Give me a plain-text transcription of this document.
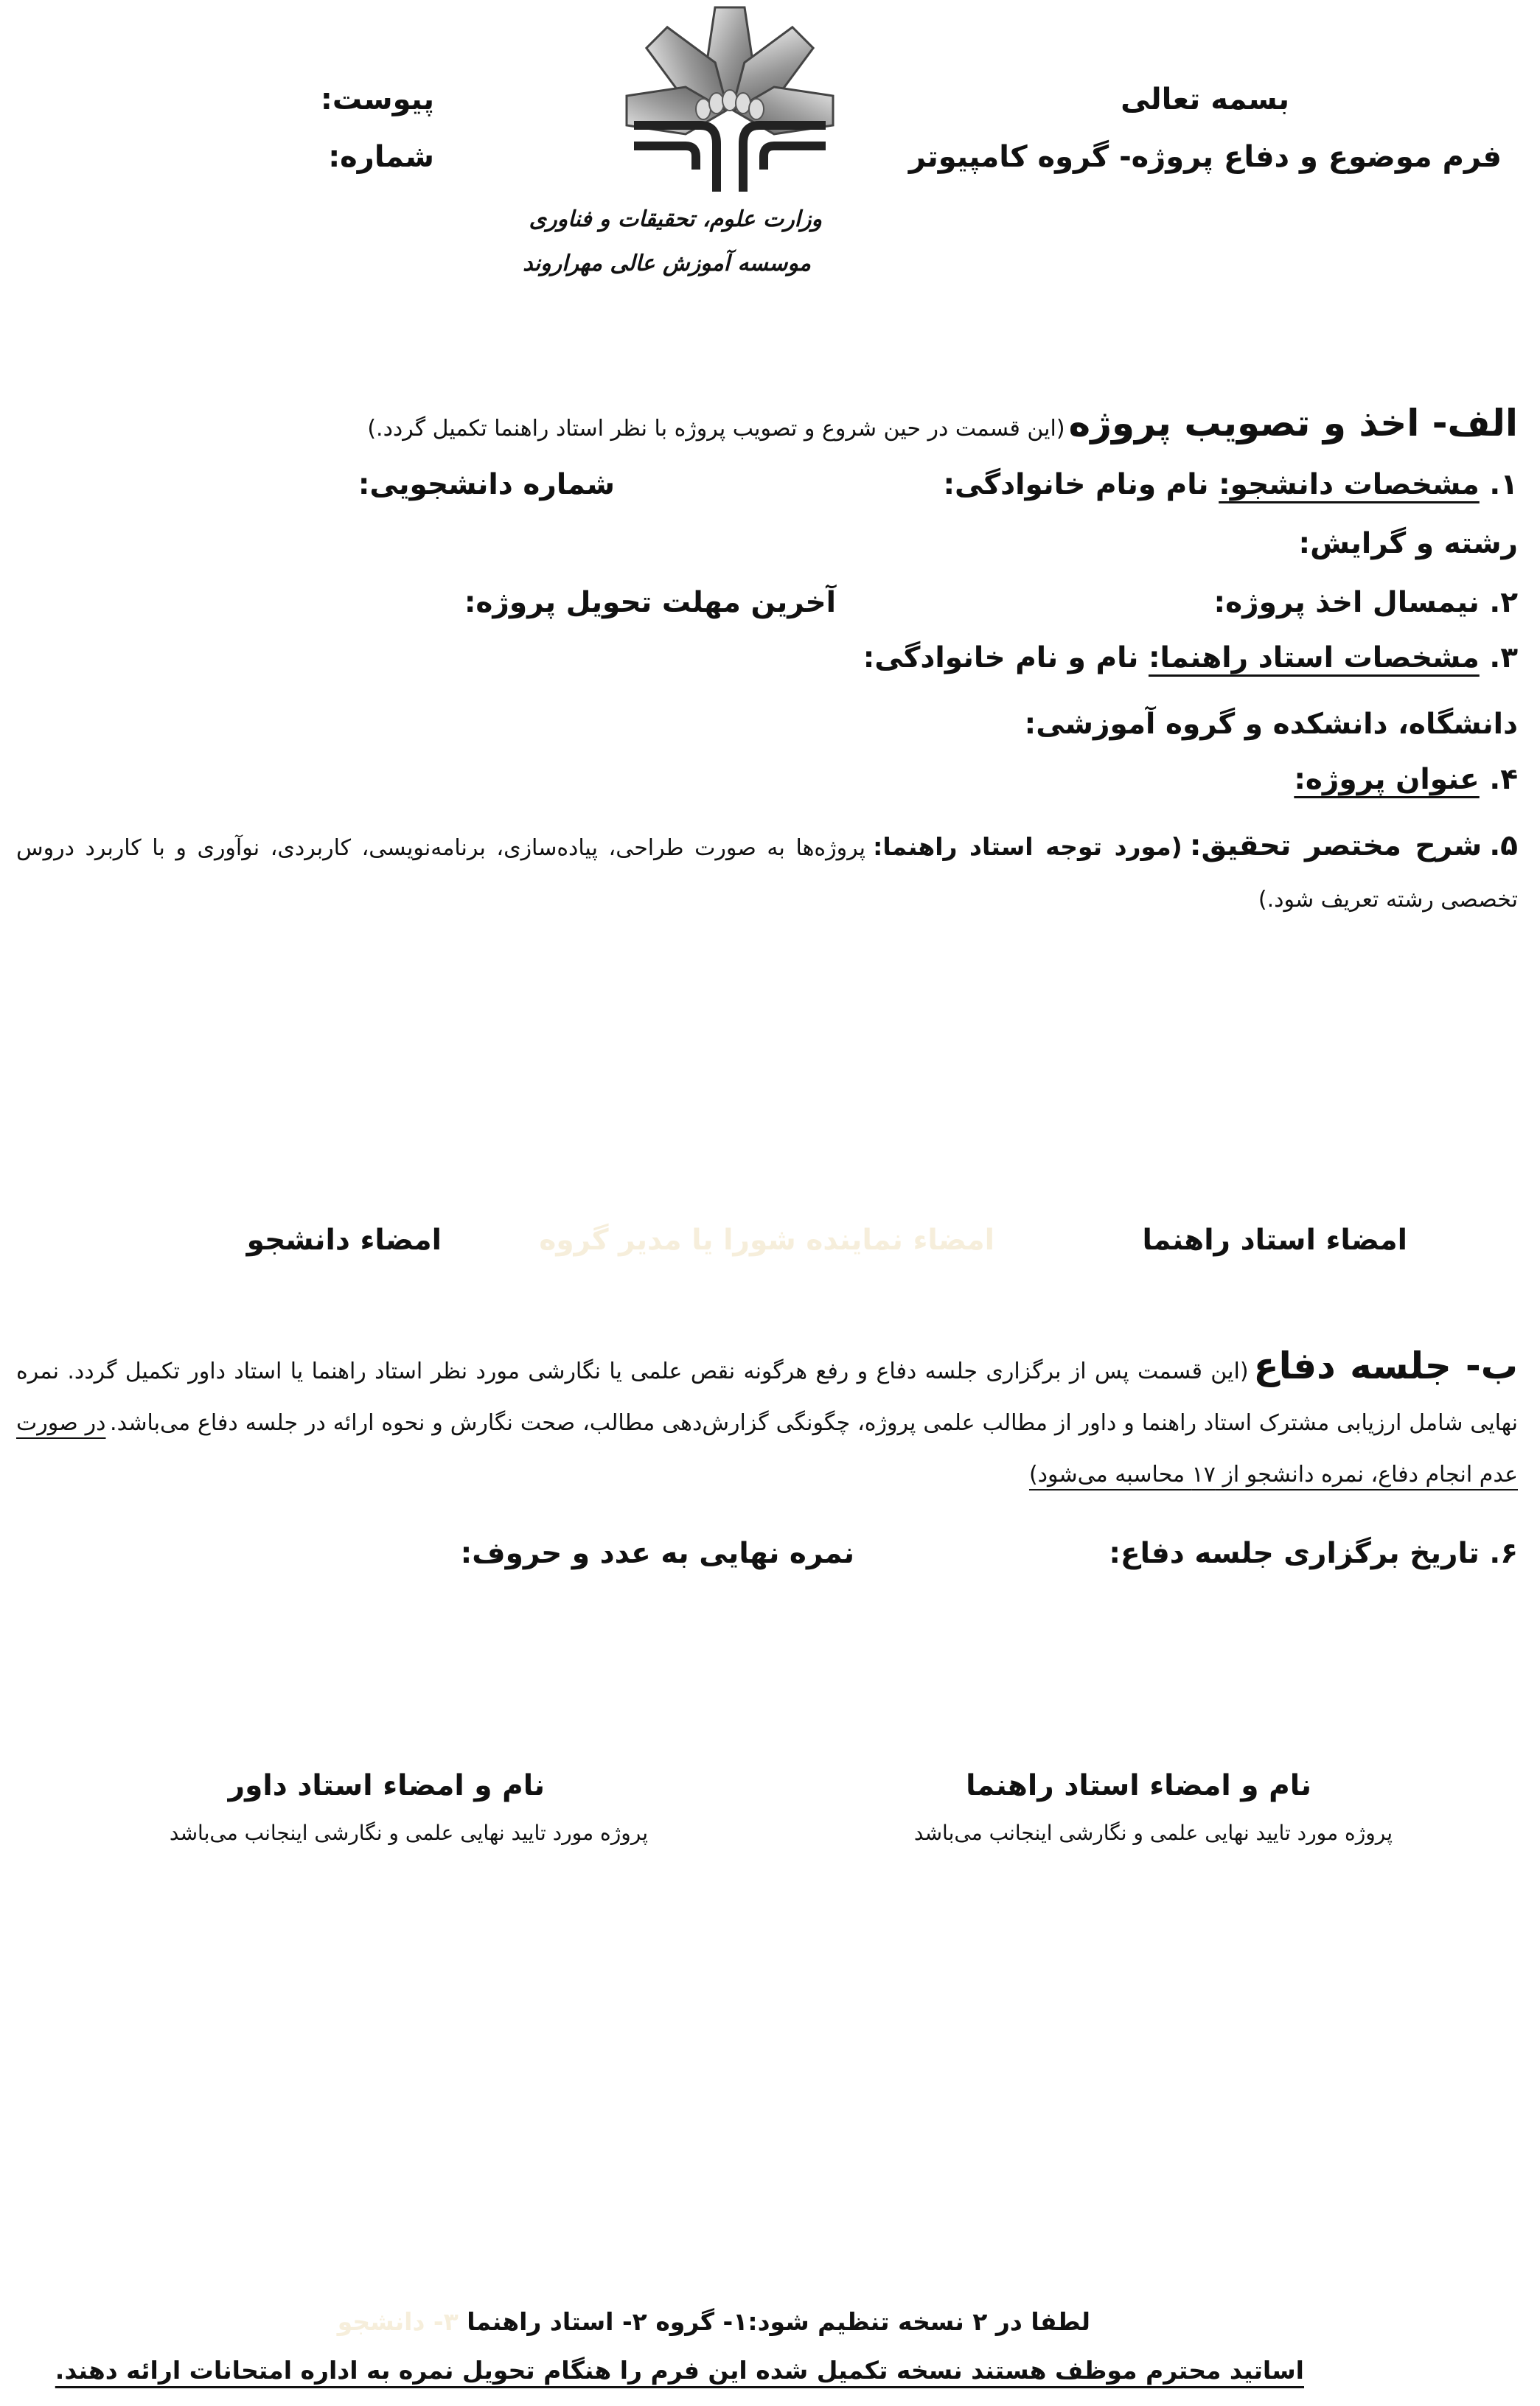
بسمه تعالی
فرم موضوع و دفاع پروژه- گروه کامپیوتر
پیوست:
شماره:
وزارت علوم، تحقیقات و فناوری
موسسه آموزش عالی مهراروند
الف- اخذ و تصویب پروژه (این قسمت در حین شروع و تصویب پروژه با نظر استاد راهنما تکمیل گردد.)
۱. مشخصات دانشجو: نام ونام خانوادگی:
شماره دانشجویی:
رشته و گرایش:
۲. نیمسال اخذ پروژه:
آخرین مهلت تحویل پروژه:
۳. مشخصات استاد راهنما: نام و نام خانوادگی:
دانشگاه، دانشکده و گروه آموزشی:
۴. عنوان پروژه:
۵. شرح مختصر تحقیق: (مورد توجه استاد راهنما: پروژه‌ها به صورت طراحی، پیاده‌سازی، برنامه‌نویسی، کاربردی، نوآوری و با کاربرد دروس تخصصی رشته تعریف شود.)
امضاء استاد راهنما
امضاء نماینده شورا یا مدیر گروه
امضاء دانشجو
ب- جلسه دفاع (این قسمت پس از برگزاری جلسه دفاع و رفع هرگونه نقص علمی یا نگارشی مورد نظر استاد راهنما یا استاد داور تکمیل گردد. نمره نهایی شامل ارزیابی مشترک استاد راهنما و داور از مطالب علمی پروژه، چگونگی گزارش‌دهی مطالب، صحت نگارش و نحوه ارائه در جلسه دفاع می‌باشد. در صورت عدم انجام دفاع، نمره دانشجو از ۱۷ محاسبه می‌شود)
۶. تاریخ برگزاری جلسه دفاع:
نمره نهایی به عدد و حروف:
نام و امضاء استاد راهنما
پروژه مورد تایید نهایی علمی و نگارشی اینجانب می‌باشد
نام و امضاء استاد داور
پروژه مورد تایید نهایی علمی و نگارشی اینجانب می‌باشد
لطفا در ۲ نسخه تنظیم شود:۱- گروه ۲- استاد راهنما ۳- دانشجو
اساتید محترم موظف هستند نسخه تکمیل شده این فرم را هنگام تحویل نمره به اداره امتحانات ارائه دهند.
